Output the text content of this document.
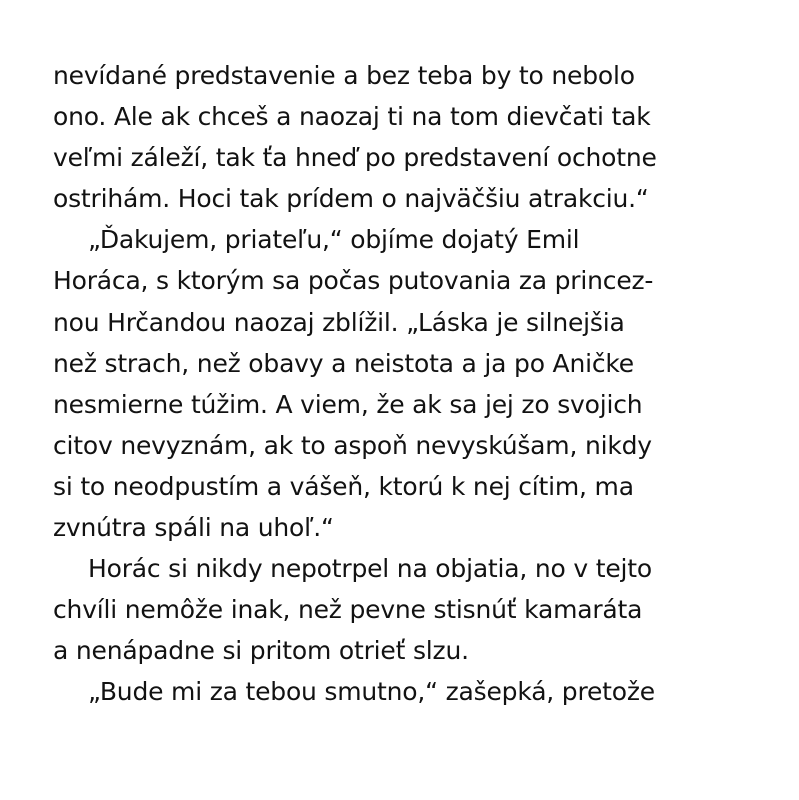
nevídané predstavenie a bez teba by to nebolo
ono. Ale ak chceš a naozaj ti na tom dievčati tak
veľmi záleží, tak ťa hneď po predstavení ochotne
ostrihám. Hoci tak prídem o najväčšiu atrakciu.“
„Ďakujem, priateľu,“ objíme dojatý Emil
Horáca, s ktorým sa počas putovania za princez-
nou Hrčandou naozaj zblížil. „Láska je silnejšia
než strach, než obavy a neistota a ja po Aničke
nesmierne túžim. A viem, že ak sa jej zo svojich
citov nevyznám, ak to aspoň nevyskúšam, nikdy
si to neodpustím a vášeň, ktorú k nej cítim, ma
zvnútra spáli na uhoľ.“
Horác si nikdy nepotrpel na objatia, no v tejto
chvíli nemôže inak, než pevne stisnúť kamaráta
a nenápadne si pritom otrieť slzu.
„Bude mi za tebou smutno,“ zašepká, pretože
